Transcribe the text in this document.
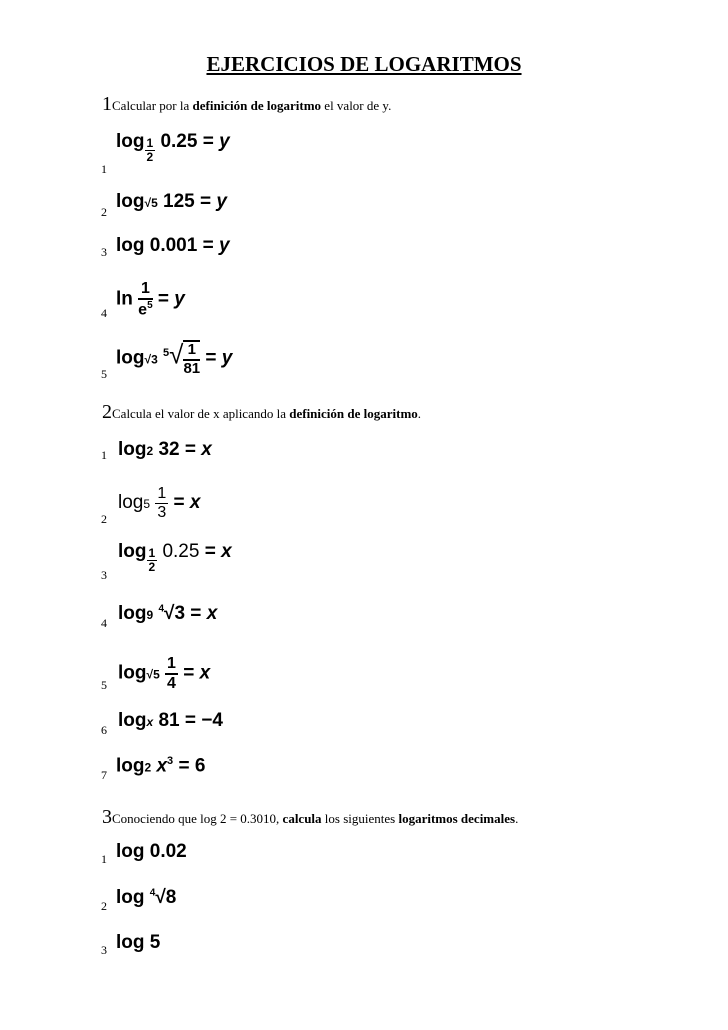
EJERCICIOS DE LOGARITMOS
1Calcular por la definición de logaritmo el valor de y.
1
$\log \frac{1}{2} 0.25 = y$
2 log√5 125 = y
3 log 0.001 = y
4
$\ln \frac{1}{e^5} = y$
5
log√3 $^5√ \frac{1}{81} = y$
2Calcula el valor de x aplicando la definición de logaritmo.
1 log2 32 = x
2
$\log 5 \frac{1}{3} = x$
3
$\log \frac{1}{2} 0.25 = x$
4 log9 $^4$√3 = x
5
$\log√5 \frac{1}{4} = x$
6 logx 81 = −4
7 log2 $x^3 = 6$
3Conociendo que log 2 = 0.3010, calcula los siguientes logaritmos decimales.
1 log 0.02
2 log $^4$√8
3 log 5
